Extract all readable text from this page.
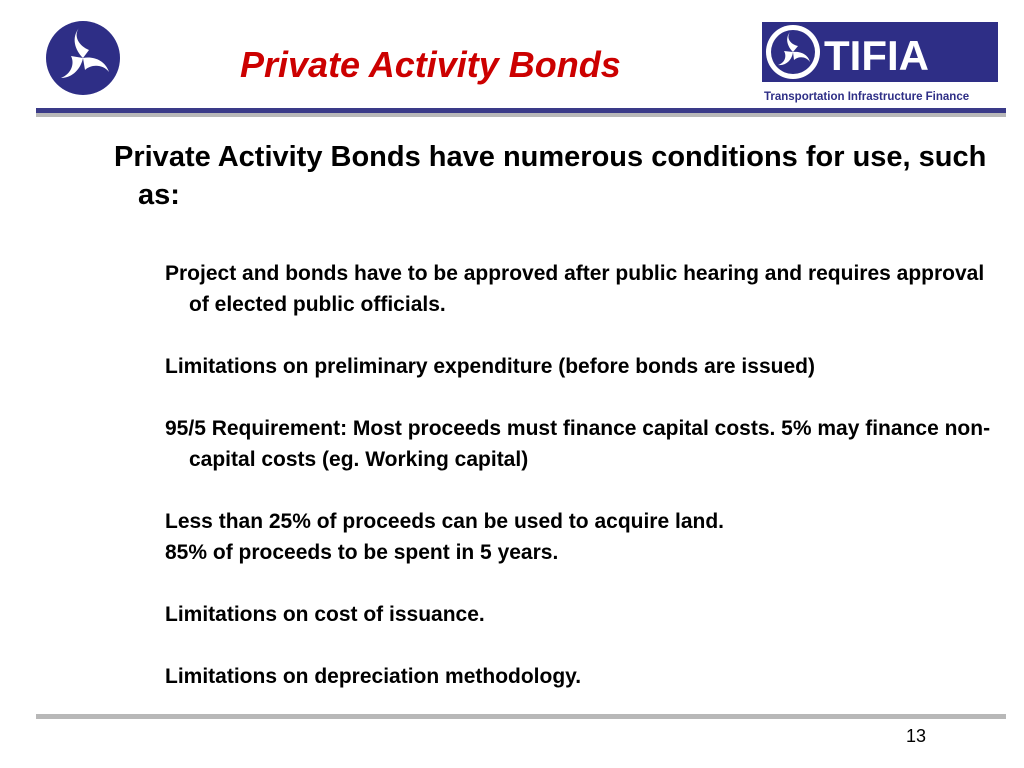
Private Activity Bonds	TIFIA
Transportation Infrastructure Finance
Private Activity Bonds have numerous conditions for use, such as:
Project and bonds have to be approved after public hearing and requires approval of elected public officials.
Limitations on preliminary expenditure (before bonds are issued)
95/5 Requirement: Most proceeds must finance capital costs. 5% may finance non-capital costs (eg. Working capital)
Less than 25% of proceeds can be used to acquire land.
85% of proceeds to be spent in 5 years.
Limitations on cost of issuance.
Limitations on depreciation methodology.
13
